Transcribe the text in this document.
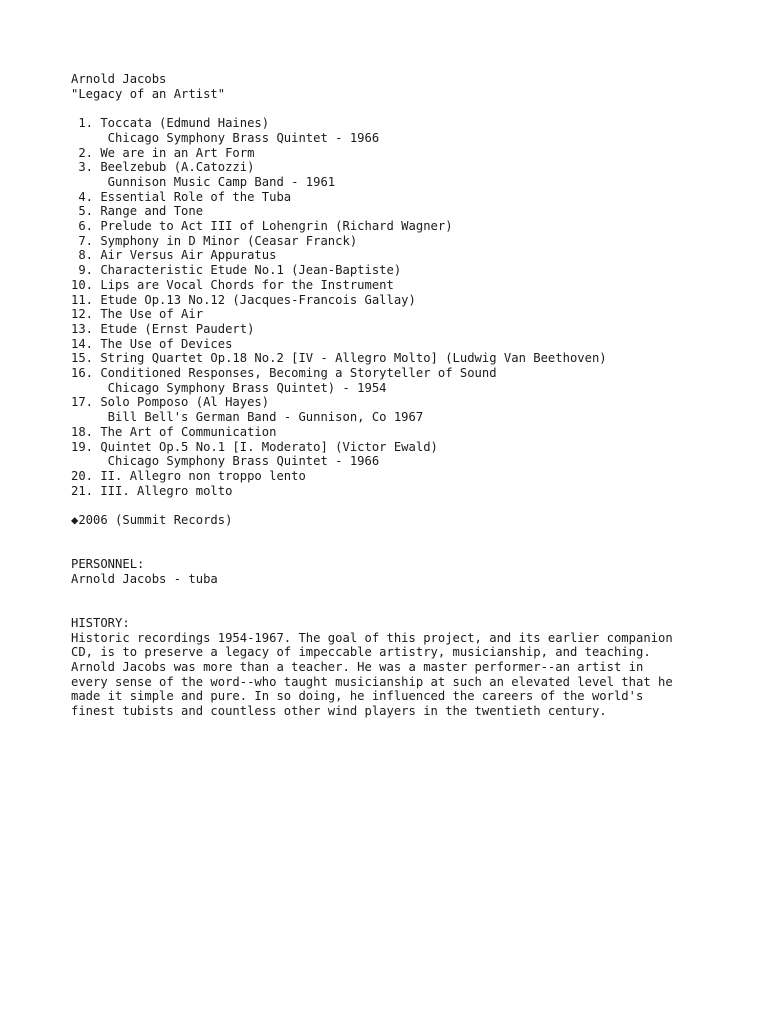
Arnold Jacobs
"Legacy of an Artist"
1. Toccata (Edmund Haines)
Chicago Symphony Brass Quintet - 1966
2. We are in an Art Form
3. Beelzebub (A.Catozzi)
Gunnison Music Camp Band - 1961
4. Essential Role of the Tuba
5. Range and Tone
6. Prelude to Act III of Lohengrin (Richard Wagner)
7. Symphony in D Minor (Ceasar Franck)
8. Air Versus Air Appuratus
9. Characteristic Etude No.1 (Jean-Baptiste)
10. Lips are Vocal Chords for the Instrument
11. Etude Op.13 No.12 (Jacques-Francois Gallay)
12. The Use of Air
13. Etude (Ernst Paudert)
14. The Use of Devices
15. String Quartet Op.18 No.2 [IV - Allegro Molto] (Ludwig Van Beethoven)
16. Conditioned Responses, Becoming a Storyteller of Sound
Chicago Symphony Brass Quintet) - 1954
17. Solo Pomposo (Al Hayes)
Bill Bell's German Band - Gunnison, Co 1967
18. The Art of Communication
19. Quintet Op.5 No.1 [I. Moderato] (Victor Ewald)
Chicago Symphony Brass Quintet - 1966
20. II. Allegro non troppo lento
21. III. Allegro molto
◆2006 (Summit Records)
PERSONNEL:
Arnold Jacobs - tuba
HISTORY:
Historic recordings 1954-1967. The goal of this project, and its earlier companion
CD, is to preserve a legacy of impeccable artistry, musicianship, and teaching.
Arnold Jacobs was more than a teacher. He was a master performer--an artist in
every sense of the word--who taught musicianship at such an elevated level that he
made it simple and pure. In so doing, he influenced the careers of the world's
finest tubists and countless other wind players in the twentieth century.
